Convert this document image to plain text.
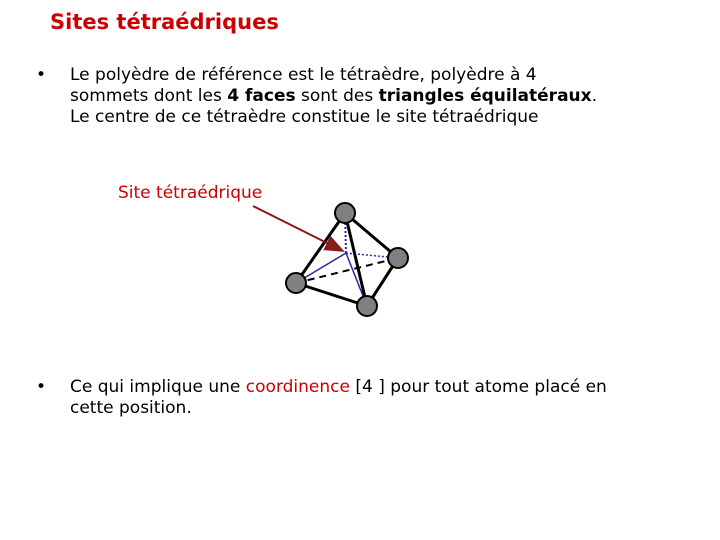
Sites tétraédriques
• Le polyèdre de référence est le tétraèdre, polyèdre à 4
sommets dont les 4 faces sont des triangles équilatéraux.
Le centre de ce tétraèdre constitue le site tétraédrique
Site tétraédrique
• Ce qui implique une coordinence [4 ] pour tout atome placé en
cette position.
